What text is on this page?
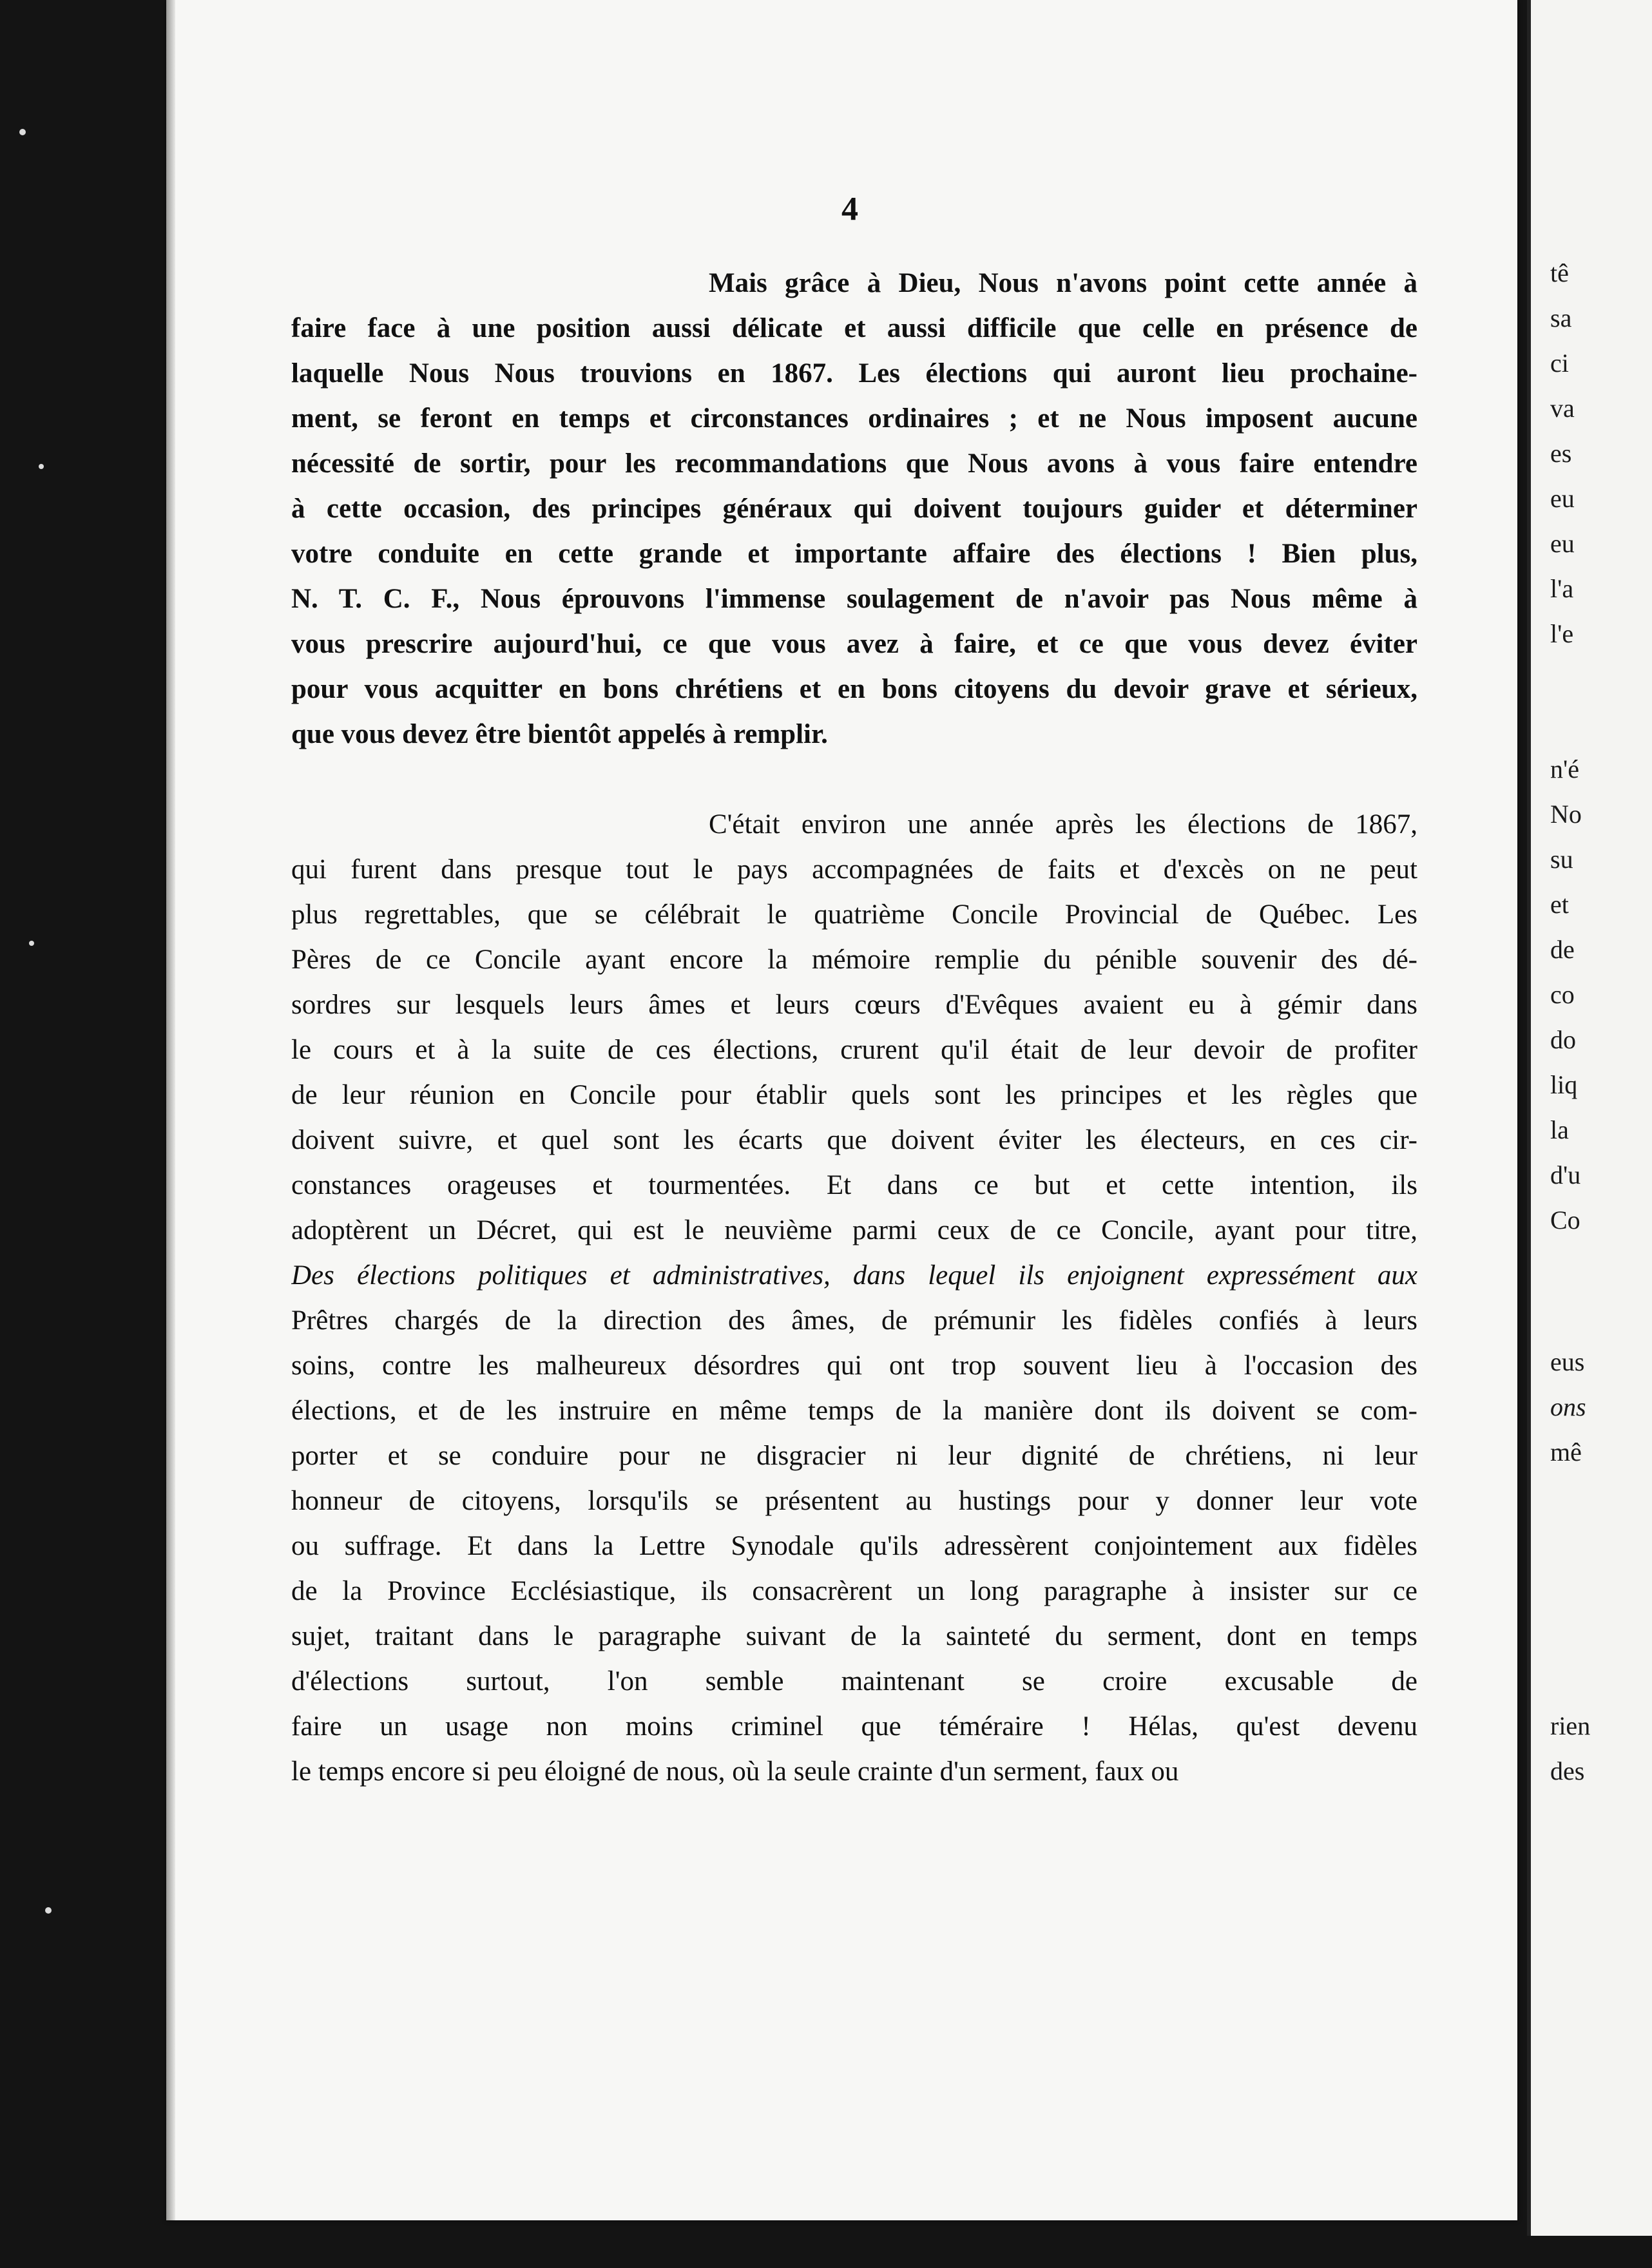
4
Mais grâce à Dieu, Nous n'avons point cette année à
faire face à une position aussi délicate et aussi difficile que celle en présence de
laquelle Nous Nous trouvions en 1867. Les élections qui auront lieu prochaine-
ment, se feront en temps et circonstances ordinaires ; et ne Nous imposent aucune
nécessité de sortir, pour les recommandations que Nous avons à vous faire entendre
à cette occasion, des principes généraux qui doivent toujours guider et déterminer
votre conduite en cette grande et importante affaire des élections ! Bien plus,
N. T. C. F., Nous éprouvons l'immense soulagement de n'avoir pas Nous même à
vous prescrire aujourd'hui, ce que vous avez à faire, et ce que vous devez éviter
pour vous acquitter en bons chrétiens et en bons citoyens du devoir grave et sérieux,
que vous devez être bientôt appelés à remplir.
C'était environ une année après les élections de 1867,
qui furent dans presque tout le pays accompagnées de faits et d'excès on ne peut
plus regrettables, que se célébrait le quatrième Concile Provincial de Québec. Les
Pères de ce Concile ayant encore la mémoire remplie du pénible souvenir des dé-
sordres sur lesquels leurs âmes et leurs cœurs d'Evêques avaient eu à gémir dans
le cours et à la suite de ces élections, crurent qu'il était de leur devoir de profiter
de leur réunion en Concile pour établir quels sont les principes et les règles que
doivent suivre, et quel sont les écarts que doivent éviter les électeurs, en ces cir-
constances orageuses et tourmentées. Et dans ce but et cette intention, ils
adoptèrent un Décret, qui est le neuvième parmi ceux de ce Concile, ayant pour titre,
Des élections politiques et administratives, dans lequel ils enjoignent expressément aux
Prêtres chargés de la direction des âmes, de prémunir les fidèles confiés à leurs
soins, contre les malheureux désordres qui ont trop souvent lieu à l'occasion des
élections, et de les instruire en même temps de la manière dont ils doivent se com-
porter et se conduire pour ne disgracier ni leur dignité de chrétiens, ni leur
honneur de citoyens, lorsqu'ils se présentent au hustings pour y donner leur vote
ou suffrage. Et dans la Lettre Synodale qu'ils adressèrent conjointement aux fidèles
de la Province Ecclésiastique, ils consacrèrent un long paragraphe à insister sur ce
sujet, traitant dans le paragraphe suivant de la sainteté du serment, dont en temps
d'élections surtout, l'on semble maintenant se croire excusable de
faire un usage non moins criminel que téméraire ! Hélas, qu'est devenu
le temps encore si peu éloigné de nous, où la seule crainte d'un serment, faux ou
tê
sa
ci
va
es
eu
eu
l'a
l'e
n'é
No
su
et
de
co
do
liq
la
d'u
Co
eus
ons
mê
rien
des
